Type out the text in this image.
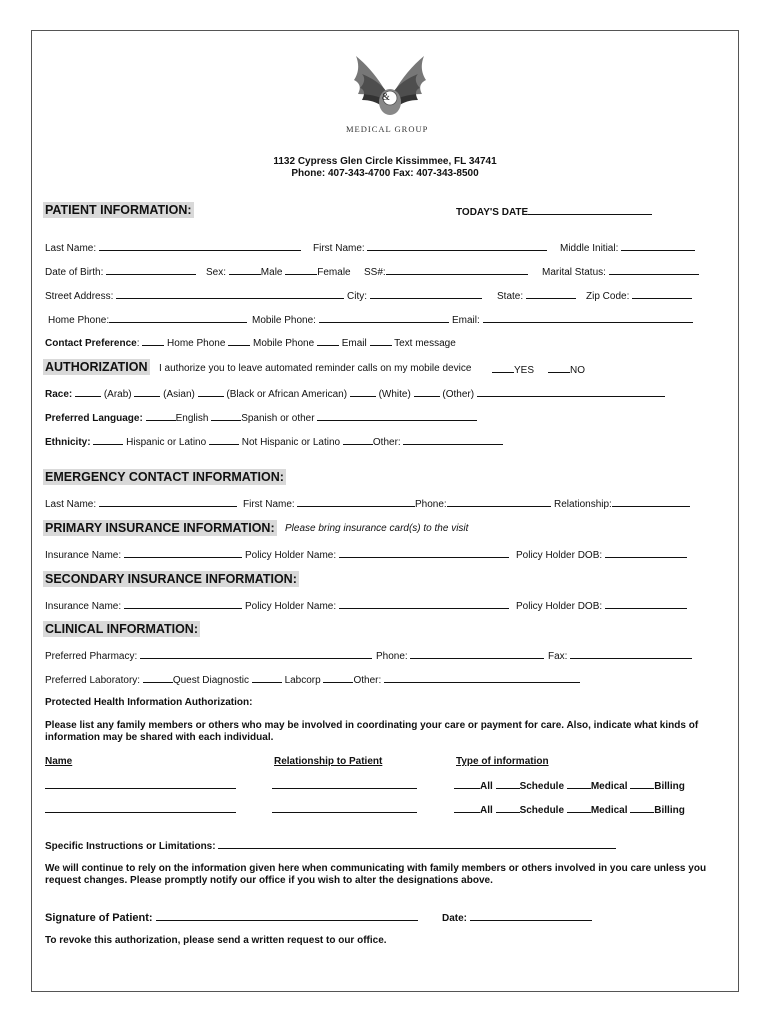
&
MEDICAL GROUP
1132 Cypress Glen Circle Kissimmee, FL 34741
Phone: 407-343-4700 Fax: 407-343-8500
PATIENT INFORMATION:	TODAY'S DATE
Last Name:	First Name:	Middle Initial:
Date of Birth:	Sex:	Male	Female SS#:	Marital Status:
Street Address:	City:	State:	Zip Code:
Home Phone:	Mobile Phone:	Email:
Contact Preference:  Home Phone	Mobile Phone	Email	Text message
AUTHORIZATION I authorize you to leave automated reminder calls on my mobile device	YES	NO
Race:	(Arab)	(Asian)	(Black or African American)	(White)	(Other)
Preferred Language:	English	Spanish or other
Ethnicity:	Hispanic or Latino	Not Hispanic or Latino	Other:
EMERGENCY CONTACT INFORMATION:
Last Name:	First Name:	Phone:	Relationship:
PRIMARY INSURANCE INFORMATION: Please bring insurance card(s) to the visit
Insurance Name:	Policy Holder Name:	Policy Holder DOB:
SECONDARY INSURANCE INFORMATION:
Insurance Name:	Policy Holder Name:	Policy Holder DOB:
CLINICAL INFORMATION:
Preferred Pharmacy:	Phone:	Fax:
Preferred Laboratory:	Quest Diagnostic	Labcorp	Other:
Protected Health Information Authorization:
Please list any family members or others who may be involved in coordinating your care or payment for care. Also, indicate what kinds of information may be shared with each individual.
Name	Relationship to Patient	Type of information
All	Schedule	Medical	Billing
All	Schedule	Medical	Billing
Specific Instructions or Limitations:
We will continue to rely on the information given here when communicating with family members or others involved in you care unless you request changes. Please promptly notify our office if you wish to alter the designations above.
Signature of Patient:	Date:
To revoke this authorization, please send a written request to our office.
